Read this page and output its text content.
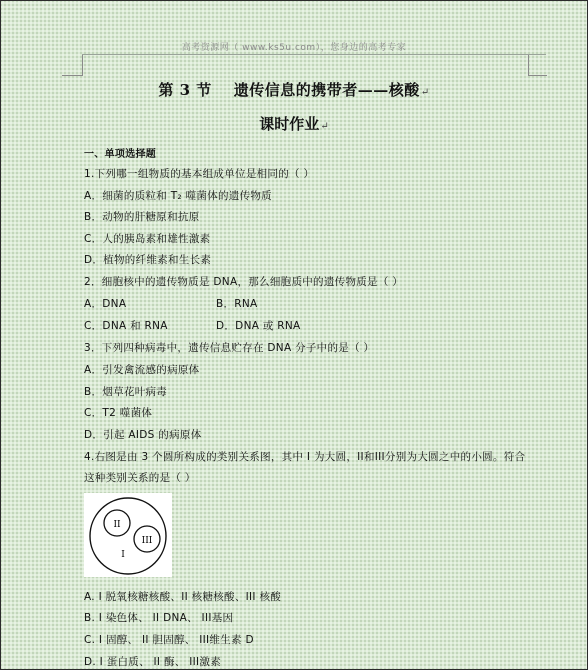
高考资源网（ www.ks5u.com），您身边的高考专家
第 3 节 遗传信息的携带者——核酸↵
课时作业↵
一、单项选择题
1.下列哪一组物质的基本组成单位是相同的（ ）
A．细菌的质粒和 T₂ 噬菌体的遗传物质
B．动物的肝糖原和抗原
C．人的胰岛素和雄性激素
D．植物的纤维素和生长素
2．细胞核中的遗传物质是 DNA，那么细胞质中的遗传物质是（ ）
A．DNA	B．RNA
C．DNA 和 RNA	D．DNA 或 RNA
3．下列四种病毒中，遗传信息贮存在 DNA 分子中的是（ ）
A．引发禽流感的病原体
B．烟草花叶病毒
C．T2 噬菌体
D．引起 AIDS 的病原体
4.右图是由 3 个圆所构成的类别关系图，其中 I 为大圆，II和III分别为大圆之中的小圆。符合
这种类别关系的是（ ）
II
III
I
A. I 脱氧核糖核酸、II 核糖核酸、III 核酸
B. I 染色体、 II DNA、 III基因
C. I 固醇、 II 胆固醇、 III维生素 D
D. I 蛋白质、 II 酶、 III激素
